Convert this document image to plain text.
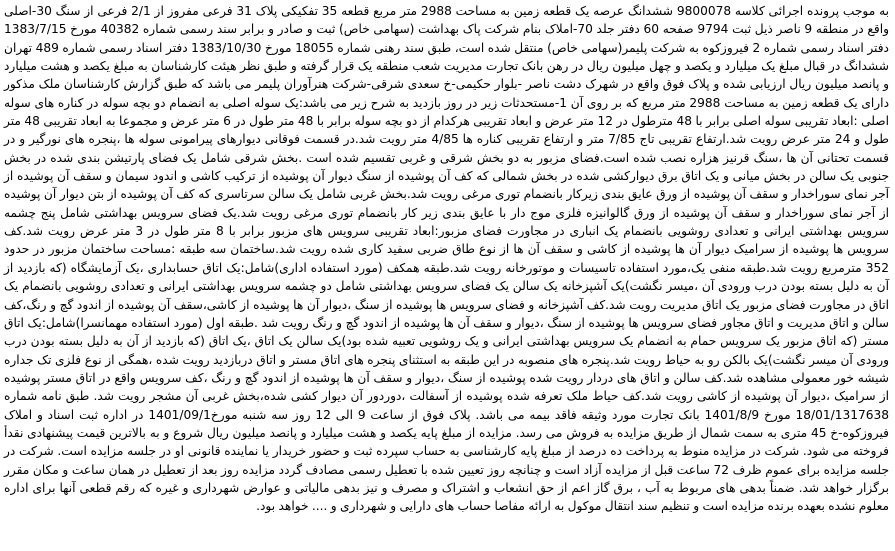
به موجب پرونده اجرائی کلاسه 9800078 ششدانگ عرصه یک قطعه زمین به مساحت 2988 متر مربع قطعه 35 تفکیکی پلاک 31 فرعی مفروز از 2/1 فرعی از سنگ 30-اصلی واقع در منطقه 9 ناصر ذیل ثبت 9794 صفحه 60 دفتر جلد 70-املاک بنام شرکت پاک بهداشت (سهامی خاص) ثبت و صادر و برابر سند رسمی شماره 40382 مورخ 1383/7/15 دفتر اسناد رسمی شماره 2 فیروزکوه به شرکت پلیمر(سهامی خاص) منتقل شده است، طبق سند رهنی شماره 18055 مورخ 1383/10/30 دفتر اسناد رسمی شماره 489 تهران ششدانگ در قبال مبلغ یک میلیارد و یکصد و چهل میلیون ریال در رهن بانک تجارت مدیریت شعب منطقه یک قرار گرفته و طبق نظر هیئت کارشناسان به مبلغ یکصد و هشت میلیارد و پانصد میلیون ریال ارزیابی شده و پلاک فوق واقع در شهرک دشت ناصر -بلوار حکیمی-خ سعدی شرقی-شرکت هنرآوران پلیمر می باشد که طبق گزارش کارشناسان ملک مذکور دارای یک قطعه زمین به مساحت 2988 متر مربع که بر روی آن 1-مستحدثات زیر در روز بازدید به شرح زیر می باشد:یک سوله اصلی به انضمام دو بچه سوله در کناره های سوله اصلی :ابعاد تقریبی سوله اصلی برابر با 48 مترطول در 12 متر عرض و ابعاد تقریبی هرکدام از دو بچه سوله برابر با 48 متر طول در 6 متر عرض و مجموعا به ابعاد تقریبی 48 متر طول و 24 متر عرض رویت شد.ارتفاع تقریبی تاج 7/85 متر و ارتفاع تقریبی کناره ها 4/85 متر رویت شد.در قسمت فوقانی دیوارهای پیرامونی سوله ها ،پنجره های نورگیر و در قسمت تحتانی آن ها ،سنگ قرنیز هزاره نصب شده است.فضای مزبور به دو بخش شرقی و غربی تقسیم شده است .بخش شرقی شامل یک فضای پارتیشن بندی شده در بخش جنوبی یک سالن در بخش میانی و یک اتاق برق دیوارکشی شده در بخش شمالی که کف آن پوشیده از سنگ دیوار آن پوشیده از ترکیب کاشی و اندود سیمان و سقف آن پوشیده از آجر نمای سوراخدار و سقف آن پوشیده از ورق عایق بندی زیرکار بانضمام توری مرغی رویت شد.بخش غربی شامل یک سالن سرتاسری که کف آن پوشیده از بتن دیوار آن پوشیده از آجر نمای سوراخدار و سقف آن پوشیده از ورق گالوانیزه فلزی موج دار با عایق بندی زیر کار بانضمام توری مرغی رویت شد.یک فضای سرویس بهداشتی شامل پنج چشمه سرویس بهداشتی ایرانی و تعدادی روشویی بانضمام یک انباری در مجاورت فضای مزبور:ابعاد تقریبی سرویس های مزبور برابر با 8 متر طول در 3 متر عرض رویت شد.کف سرویس ها پوشیده از سرامیک دیوار آن ها پوشیده از کاشی و سقف آن ها از نوع طاق ضربی سفید کاری شده رویت شد.ساختمان سه طبقه :مساحت ساختمان مزبور در حدود 352 مترمربع رویت شد.طبقه منفی یک،مورد استفاده تاسیسات و موتورخانه رویت شد.طبقه همکف (مورد استفاده اداری)شامل:یک اتاق حسابداری ،یک آزمایشگاه (که بازدید از آن به دلیل بسته بودن درب ورودی آن ،میسر نگشت)یک آشپزخانه یک سالن یک فضای سرویس بهداشتی شامل دو چشمه سرویس بهداشتی ایرانی و تعدادی روشویی بانضمام یک اتاق در مجاورت فضای مزبور یک اتاق مدیریت رویت شد.کف آشپزخانه و فضای سرویس ها پوشیده از سنگ ،دیوار آن ها پوشیده از کاشی،سقف آن پوشیده از اندود گچ و رنگ،کف سالن و اتاق مدیریت و اتاق مجاور فضای سرویس ها پوشیده از سنگ ،دیوار و سقف آن ها پوشیده از اندود گچ و رنگ رویت شد .طبقه اول (مورد استفاده مهمانسرا)شامل:یک اتاق مستر (که اتاق مزبور یک سرویس حمام به انضمام یک سرویس بهداشتی ایرانی و یک روشویی تعبیه شده بود)یک سالن یک اتاق ،یک اتاق (که بازدید از آن به دلیل بسته بودن درب ورودی آن میسر نگشت)یک بالکن رو به حیاط رویت شد.پنجره های منصوبه در این طبقه به استثنای پنجره های اتاق مستر و اتاق دربازدید رویت شده ،همگی از نوع فلزی تک جداره شیشه خور معمولی مشاهده شد.کف سالن و اتاق های دردار رویت شده پوشیده از سنگ ،دیوار و سقف آن ها پوشیده از اندود گچ و رنگ ،کف سرویس واقع در اتاق مستر پوشیده از سرامیک ،دیوار آن پوشیده از کاشی رویت شد.کف حیاط ملک تعرفه شده پوشیده از آسفالت ،دوردور آن دیوار کشی شده،بخش غربی آن مشجر رویت شد. طبق نامه شماره 18/01/1317638 مورخ 1401/8/9 بانک تجارت مورد وثیقه فاقد بیمه می باشد. پلاک فوق از ساعت 9 الی 12 روز سه شنبه مورخ1401/09/1 در اداره ثبت اسناد و املاک فیروزکوه-خ 45 متری به سمت شمال از طریق مزایده به فروش می رسد. مزایده از مبلغ پایه یکصد و هشت میلیارد و پانصد میلیون ریال شروع و به بالاترین قیمت پیشنهادی نقدأ فروخته می شود. شرکت در مزایده منوط به پرداخت ده درصد از مبلغ پایه کارشناسی به حساب سپرده ثبت و حضور خریدار یا نماینده قانونی او در جلسه مزایده است. شرکت در جلسه مزایده برای عموم ظرف 72 ساعت قبل از مزایده آزاد است و چنانچه روز تعیین شده با تعطیل رسمی مصادف گردد مزایده روز بعد از تعطیل در همان ساعت و مکان مقرر برگزار خواهد شد. ضمناً بدهی های مربوط به آب ، برق گاز اعم از حق انشعاب و اشتراک و مصرف و نیز بدهی مالیاتی و عوارض شهرداری و غیره که رقم قطعی آنها برای اداره معلوم نشده بعهده برنده مزایده است و تنظیم سند انتقال موکول به ارائه مفاصا حساب های دارایی و شهرداری و .... خواهد بود.
